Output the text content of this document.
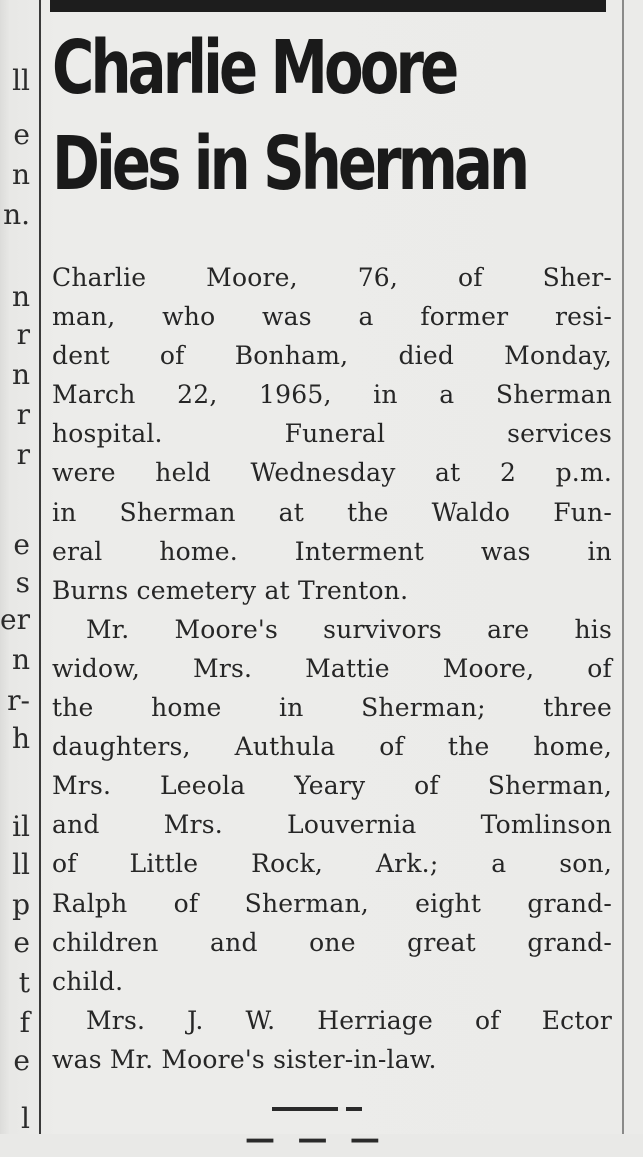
ll
e
n
n.
n
r
n
r
r
e
s
er
n
r-
h
il
ll
p
e
t
f
e
l
Charlie Moore
Dies in Sherman
Charlie Moore, 76, of Sher-
man, who was a former resi-
dent of Bonham, died Monday,
March 22, 1965, in a Sherman
hospital. Funeral services
were held Wednesday at 2 p.m.
in Sherman at the Waldo Fun-
eral home. Interment was in
Burns cemetery at Trenton.
Mr. Moore's survivors are his
widow, Mrs. Mattie Moore, of
the home in Sherman; three
daughters, Authula of the home,
Mrs. Leeola Yeary of Sherman,
and Mrs. Louvernia Tomlinson
of Little Rock, Ark.; a son,
Ralph of Sherman, eight grand-
children and one great grand-
child.
Mrs. J. W. Herriage of Ector
was Mr. Moore's sister-in-law.
— — —
